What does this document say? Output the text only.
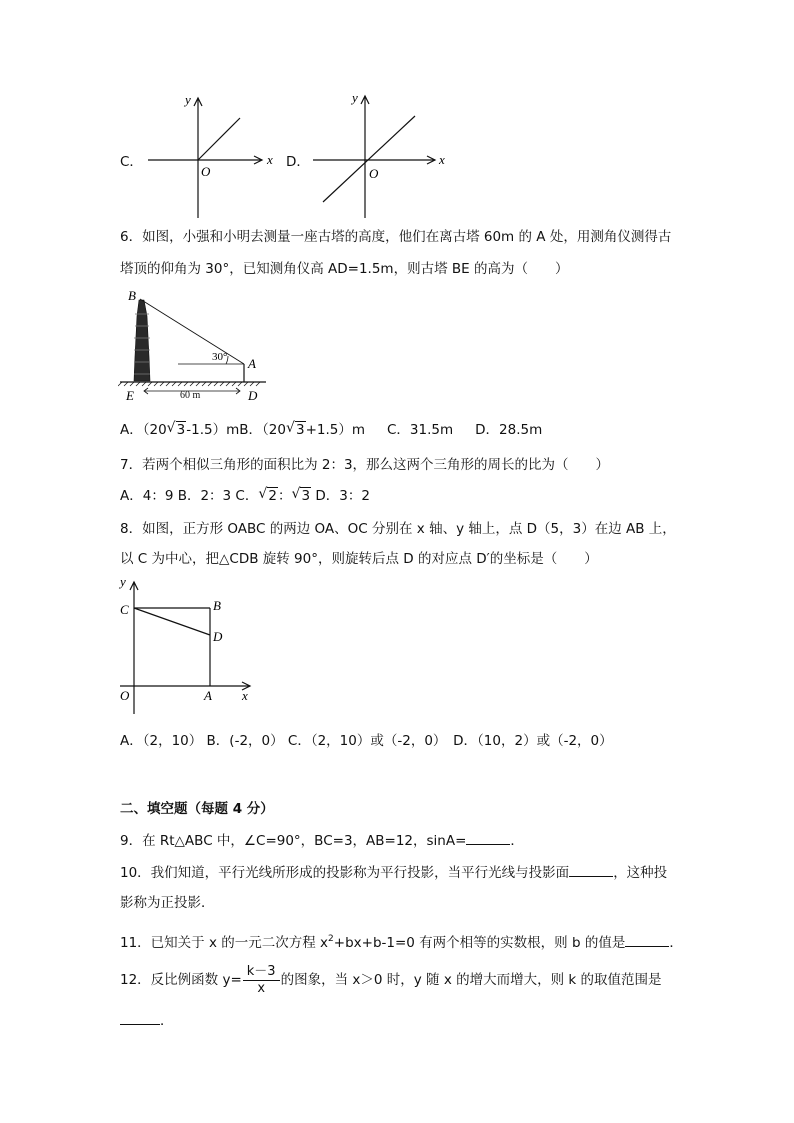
C．
y
x
O
D．
y
x
O
6．如图，小强和小明去测量一座古塔的高度，他们在离古塔 60m 的 A 处，用测角仪测得古
塔顶的仰角为 30°，已知测角仪高 AD=1.5m，则古塔 BE 的高为（　　）
B
30° A
E	60 m	D
A．（20 √ 3-1.5）mB．（20 √ 3+1.5）m C．31.5m D．28.5m
7．若两个相似三角形的面积比为 2：3，那么这两个三角形的周长的比为（　　）
A．4：9 B．2：3 C． √ 2： √ 3 D．3：2
8．如图，正方形 OABC 的两边 OA、OC 分别在 x 轴、y 轴上，点 D（5，3）在边 AB 上，
以 C 为中心，把△CDB 旋转 90°，则旋转后点 D 的对应点 D′的坐标是（　　）
y
C	B
D
O	A x
A．（2，10） B．(-2，0） C．（2，10）或（-2，0）　D．（10，2）或（-2，0）
二、填空题（每题 4 分）
9．在 Rt△ABC 中，∠C=90°，BC=3，AB=12，sinA=	．
10．我们知道，平行光线所形成的投影称为平行投影，当平行光线与投影面	，这种投
影称为正投影．
11．已知关于 x 的一元二次方程 $x^2+bx+b-1=0$ 有两个相等的实数根，则 b 的值是	．
12．反比例函数 $y= \frac{k-3}{x}$ 的图象，当 x＞0 时，y 随 x 的增大而增大，则 k 的取值范围是
．
